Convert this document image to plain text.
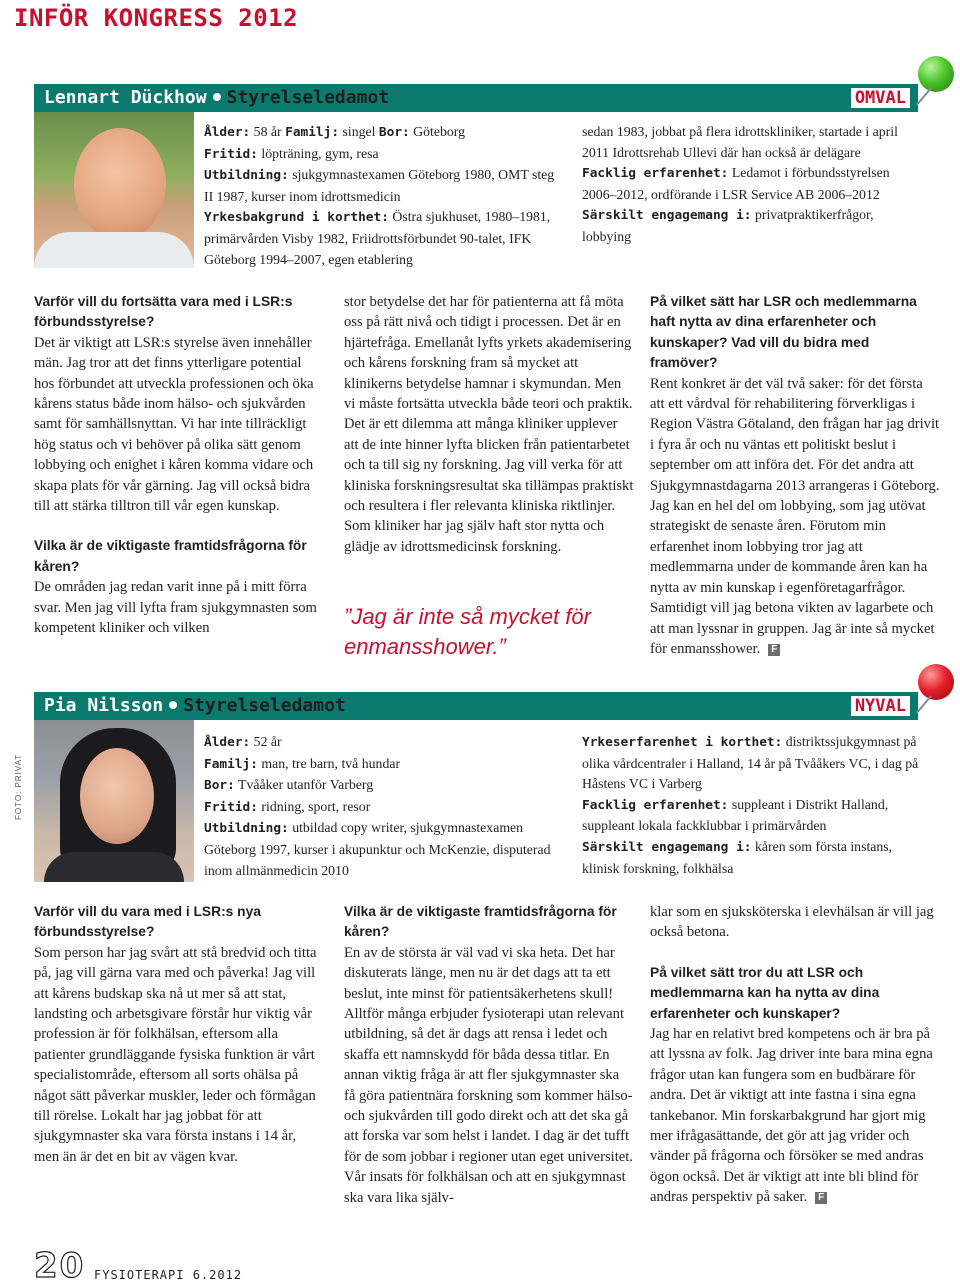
INFÖR KONGRESS 2012
Lennart Dückhow Styrelseledamot	OMVAL
Ålder: 58 år Familj: singel Bor: Göteborg
Fritid: löpträning, gym, resa
Utbildning: sjukgymnastexamen Göteborg 1980, OMT steg II 1987, kurser inom idrottsmedicin
Yrkesbakgrund i korthet: Östra sjukhuset, 1980–1981, primärvården Visby 1982, Friidrottsförbundet 90-talet, IFK Göteborg 1994–2007, egen etablering

sedan 1983, jobbat på flera idrottskliniker, startade i april 2011 Idrottsrehab Ullevi där han också är delägare
Facklig erfarenhet: Ledamot i förbundsstyrelsen 2006–2012, ordförande i LSR Service AB 2006–2012
Särskilt engagemang i: privatpraktikerfrågor, lobbying

Varför vill du fortsätta vara med i LSR:s förbundsstyrelse?

Det är viktigt att LSR:s styrelse även innehåller män. Jag tror att det finns ytterligare potential hos förbundet att utveckla professionen och öka kårens status både inom hälso- och sjukvården samt för samhällsnyttan. Vi har inte tillräckligt hög status och vi behöver på olika sätt genom lobbying och enighet i kåren komma vidare och skapa plats för vår gärning. Jag vill också bidra till att stärka tilltron till vår egen kunskap.

Vilka är de viktigaste framtidsfrågorna för kåren?

De områden jag redan varit inne på i mitt förra svar. Men jag vill lyfta fram sjukgymnasten som kompetent kliniker och vilken

stor betydelse det har för patienterna att få möta oss på rätt nivå och tidigt i processen. Det är en hjärtefråga. Emellanåt lyfts yrkets akademisering och kårens forskning fram så mycket att klinikerns betydelse hamnar i skymundan. Men vi måste fortsätta utveckla både teori och praktik. Det är ett dilemma att många kliniker upplever att de inte hinner lyfta blicken från patientarbetet och ta till sig ny forskning. Jag vill verka för att kliniska forskningsresultat ska tillämpas praktiskt och resultera i fler relevanta kliniska riktlinjer. Som kliniker har jag själv haft stor nytta och glädje av idrottsmedicinsk forskning.

”Jag är inte så mycket för enmansshower.”

På vilket sätt har LSR och medlemmarna haft nytta av dina erfarenheter och kunskaper? Vad vill du bidra med framöver?

Rent konkret är det väl två saker: för det första att ett vårdval för rehabilitering förverkligas i Region Västra Götaland, den frågan har jag drivit i fyra år och nu väntas ett politiskt beslut i september om att införa det. För det andra att Sjukgymnastdagarna 2013 arrangeras i Göteborg. Jag kan en hel del om lobbying, som jag utövat strategiskt de senaste åren. Förutom min erfarenhet inom lobbying tror jag att medlemmarna under de kommande åren kan ha nytta av min kunskap i egenföretagarfrågor. Samtidigt vill jag betona vikten av lagarbete och att man lyssnar in gruppen. Jag är inte så mycket för enmansshower. F

Pia Nilsson Styrelseledamot	NYVAL
FOTO: PRIVAT
Ålder: 52 år
Familj: man, tre barn, två hundar
Bor: Tvååker utanför Varberg
Fritid: ridning, sport, resor
Utbildning: utbildad copy writer, sjukgymnastexamen Göteborg 1997, kurser i akupunktur och McKenzie, disputerad inom allmänmedicin 2010

Yrkeserfarenhet i korthet: distriktssjukgymnast på olika vårdcentraler i Halland, 14 år på Tvååkers VC, i dag på Håstens VC i Varberg
Facklig erfarenhet: suppleant i Distrikt Halland, suppleant lokala fackklubbar i primärvården
Särskilt engagemang i: kåren som första instans, klinisk forskning, folkhälsa

Varför vill du vara med i LSR:s nya förbundsstyrelse?

Som person har jag svårt att stå bredvid och titta på, jag vill gärna vara med och påverka! Jag vill att kårens budskap ska nå ut mer så att stat, landsting och arbetsgivare förstår hur viktig vår profession är för folkhälsan, eftersom alla patienter grundläggande fysiska funktion är vårt specialistområde, eftersom all sorts ohälsa på något sätt påverkar muskler, leder och förmågan till rörelse. Lokalt har jag jobbat för att sjukgymnaster ska vara första instans i 14 år, men än är det en bit av vägen kvar.

Vilka är de viktigaste framtidsfrågorna för kåren?

En av de största är väl vad vi ska heta. Det har diskuterats länge, men nu är det dags att ta ett beslut, inte minst för patientsäkerhetens skull! Alltför många erbjuder fysioterapi utan relevant utbildning, så det är dags att rensa i ledet och skaffa ett namnskydd för båda dessa titlar. En annan viktig fråga är att fler sjukgymnaster ska få göra patientnära forskning som kommer hälso- och sjukvården till godo direkt och att det ska gå att forska var som helst i landet. I dag är det tufft för de som jobbar i regioner utan eget universitet. Vår insats för folkhälsan och att en sjukgymnast ska vara lika själv-

klar som en sjuksköterska i elevhälsan är vill jag också betona.

På vilket sätt tror du att LSR och medlemmarna kan ha nytta av dina erfarenheter och kunskaper?

Jag har en relativt bred kompetens och är bra på att lyssna av folk. Jag driver inte bara mina egna frågor utan kan fungera som en budbärare för andra. Det är viktigt att inte fastna i sina egna tankebanor. Min forskarbakgrund har gjort mig mer ifrågasättande, det gör att jag vrider och vänder på frågorna och försöker se med andras ögon också. Det är viktigt att inte bli blind för andras perspektiv på saker. F

20 FYSIOTERAPI 6.2012
